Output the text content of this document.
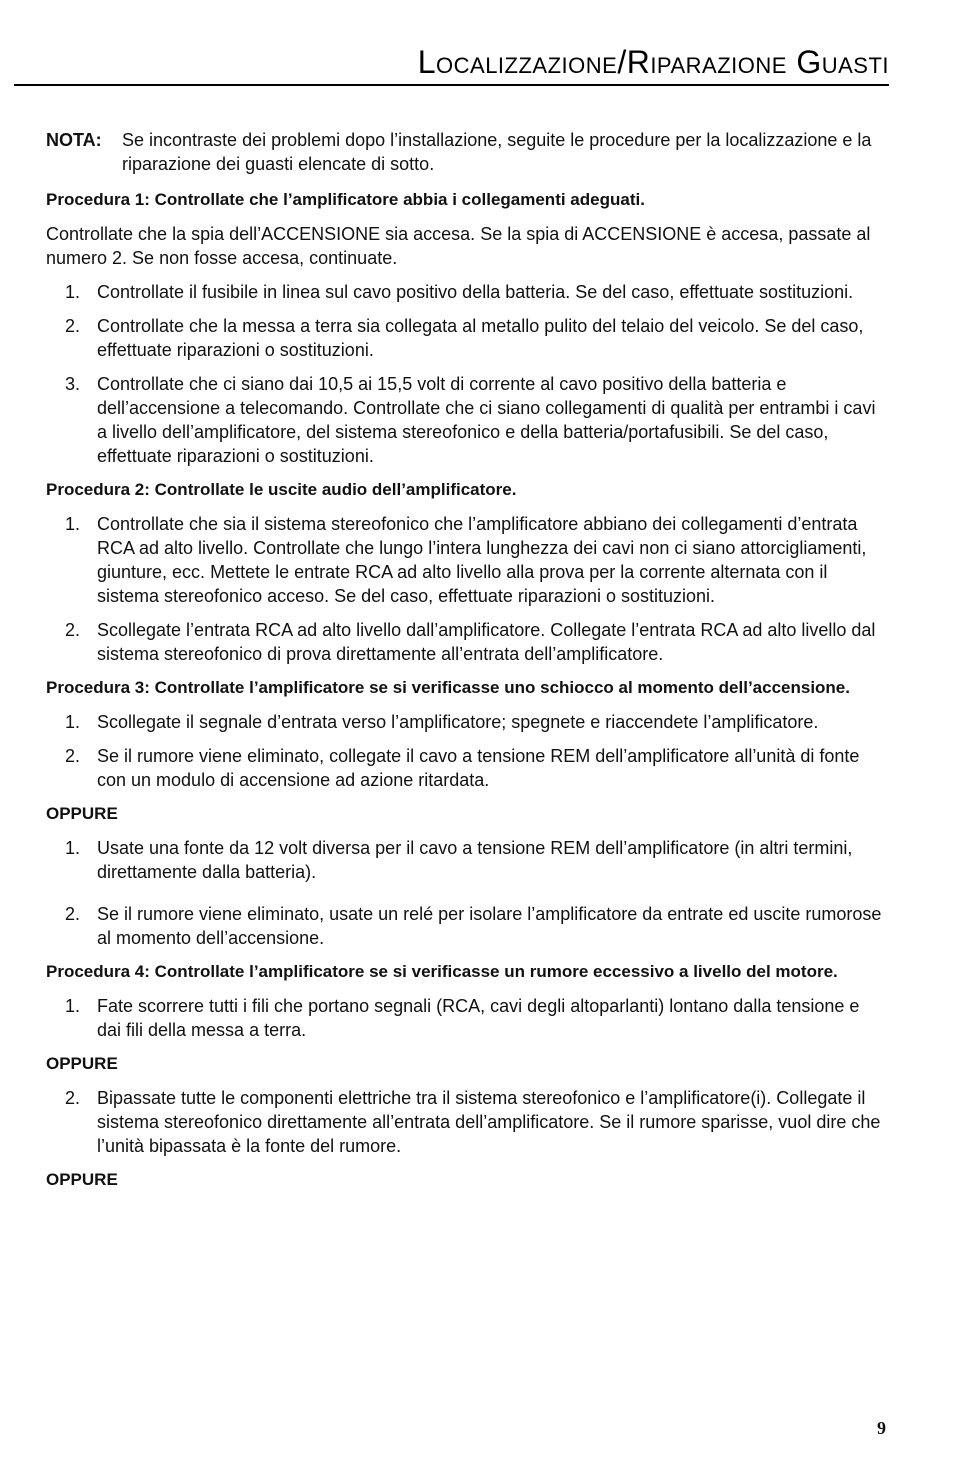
Localizzazione/Riparazione Guasti
NOTA:	Se incontraste dei problemi dopo l’installazione, seguite le procedure per la localizzazione e la riparazione dei guasti elencate di sotto.
Procedura 1: Controllate che l’amplificatore abbia i collegamenti adeguati.
Controllate che la spia dell’ACCENSIONE sia accesa. Se la spia di ACCENSIONE è accesa, passate al numero 2. Se non fosse accesa, continuate.
1. Controllate il fusibile in linea sul cavo positivo della batteria. Se del caso, effettuate sostituzioni.
2. Controllate che la messa a terra sia collegata al metallo pulito del telaio del veicolo. Se del caso, effettuate riparazioni o sostituzioni.
3. Controllate che ci siano dai 10,5 ai 15,5 volt di corrente al cavo positivo della batteria e dell’accensione a telecomando. Controllate che ci siano collegamenti di qualità per entrambi i cavi a livello dell’amplificatore, del sistema stereofonico e della batteria/portafusibili. Se del caso, effettuate riparazioni o sostituzioni.
Procedura 2: Controllate le uscite audio dell’amplificatore.
1. Controllate che sia il sistema stereofonico che l’amplificatore abbiano dei collegamenti d’entrata RCA ad alto livello. Controllate che lungo l’intera lunghezza dei cavi non ci siano attorcigliamenti, giunture, ecc. Mettete le entrate RCA ad alto livello alla prova per la corrente alternata con il sistema stereofonico acceso. Se del caso, effettuate riparazioni o sostituzioni.
2. Scollegate l’entrata RCA ad alto livello dall’amplificatore. Collegate l’entrata RCA ad alto livello dal sistema stereofonico di prova direttamente all’entrata dell’amplificatore.
Procedura 3: Controllate l’amplificatore se si verificasse uno schiocco al momento dell’accensione.
1. Scollegate il segnale d’entrata verso l’amplificatore; spegnete e riaccendete l’amplificatore.
2. Se il rumore viene eliminato, collegate il cavo a tensione REM dell’amplificatore all’unità di fonte con un modulo di accensione ad azione ritardata.
OPPURE
1. Usate una fonte da 12 volt diversa per il cavo a tensione REM dell’amplificatore (in altri termini, direttamente dalla batteria).
2. Se il rumore viene eliminato, usate un relé per isolare l’amplificatore da entrate ed uscite rumorose al momento dell’accensione.
Procedura 4: Controllate l’amplificatore se si verificasse un rumore eccessivo a livello del motore.
1. Fate scorrere tutti i fili che portano segnali (RCA, cavi degli altoparlanti) lontano dalla tensione e dai fili della messa a terra.
OPPURE
2. Bipassate tutte le componenti elettriche tra il sistema stereofonico e l’amplificatore(i). Collegate il sistema stereofonico direttamente all’entrata dell’amplificatore. Se il rumore sparisse, vuol dire che l’unità bipassata è la fonte del rumore.
OPPURE
9
